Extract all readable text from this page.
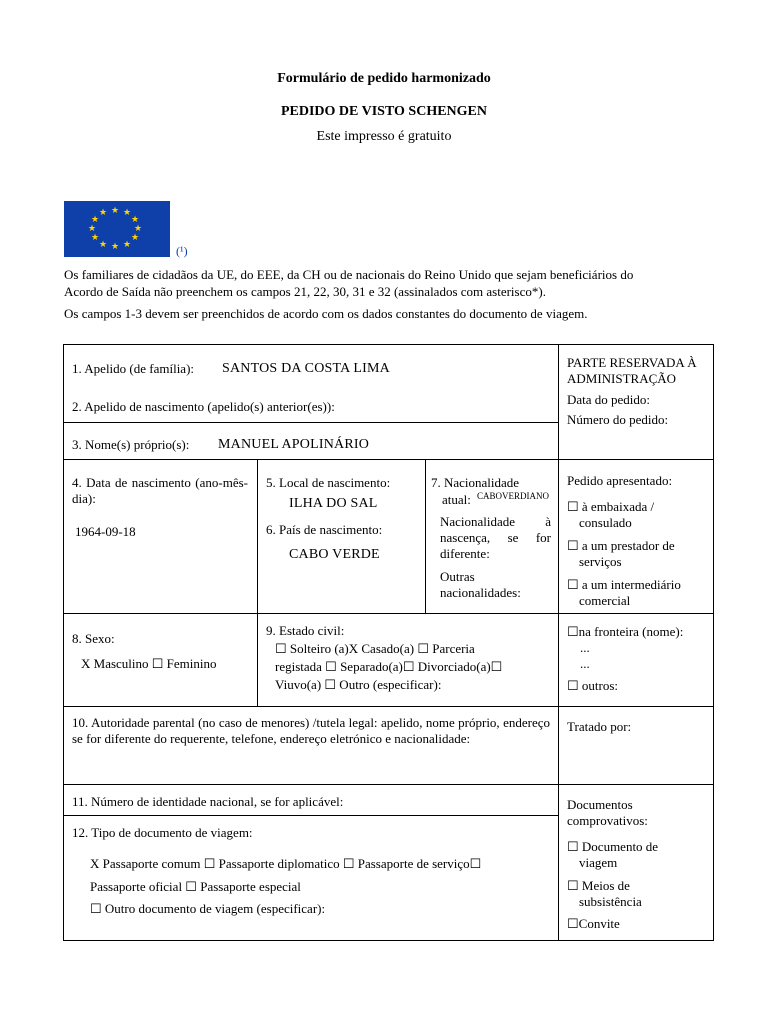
Formulário de pedido harmonizado
PEDIDO DE VISTO SCHENGEN
Este impresso é gratuito
★ ★
★
★
★
★
★
★
★
★
★
★
(¹)
Os familiares de cidadãos da UE, do EEE, da CH ou de nacionais do Reino Unido que sejam beneficiários do
Acordo de Saída não preenchem os campos 21, 22, 30, 31 e 32 (assinalados com asterisco*).
Os campos 1-3 devem ser preenchidos de acordo com os dados constantes do documento de viagem.
PARTE RESERVADA À ADMINISTRAÇÃO
Data do pedido:
Número do pedido:
Pedido apresentado:
☐ à embaixada / consulado
☐ a um prestador de serviços
☐ a um intermediário comercial
☐na fronteira (nome):
...
...
☐ outros:
Tratado por:
Documentos comprovativos:
☐ Documento de viagem
☐ Meios de subsistência
☐Convite
1. Apelido (de família): SANTOS DA COSTA LIMA
2. Apelido de nascimento (apelido(s) anterior(es)):
3. Nome(s) próprio(s): MANUEL APOLINÁRIO
4. Data de nascimento (ano-mês-dia):
1964-09-18
5. Local de nascimento:
ILHA DO SAL
6. País de nascimento:
CABO VERDE
7. Nacionalidade
atual: CABOVERDIANO
Nacionalidade à nascença, se for diferente:
Outras nacionalidades:
8. Sexo:
X Masculino ☐ Feminino
9. Estado civil:
☐ Solteiro (a)X Casado(a) ☐ Parceria
registada ☐ Separado(a)☐ Divorciado(a)☐
Viuvo(a) ☐ Outro (especificar):
10. Autoridade parental (no caso de menores) /tutela legal: apelido, nome próprio, endereço se for diferente do requerente, telefone, endereço eletrónico e nacionalidade:
11. Número de identidade nacional, se for aplicável:
12. Tipo de documento de viagem:
X Passaporte comum ☐ Passaporte diplomatico ☐ Passaporte de serviço☐
Passaporte oficial ☐ Passaporte especial
☐ Outro documento de viagem (especificar):
